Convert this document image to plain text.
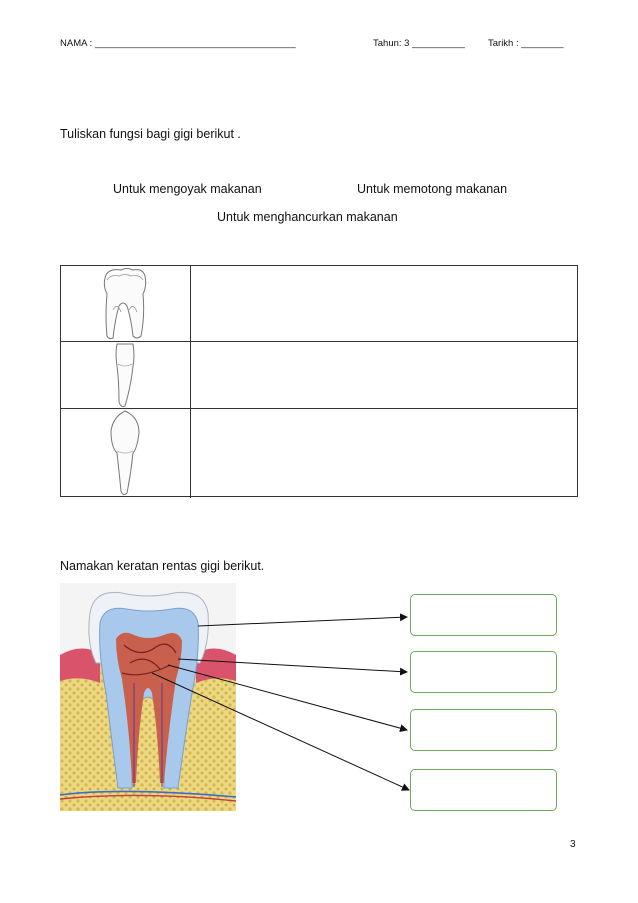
NAMA : ______________________________________	Tahun: 3 __________ Tarikh : ________
Tuliskan fungsi bagi gigi berikut .
Untuk mengoyak makanan	Untuk memotong makanan
Untuk menghancurkan makanan
Namakan keratan rentas gigi berikut.
3
